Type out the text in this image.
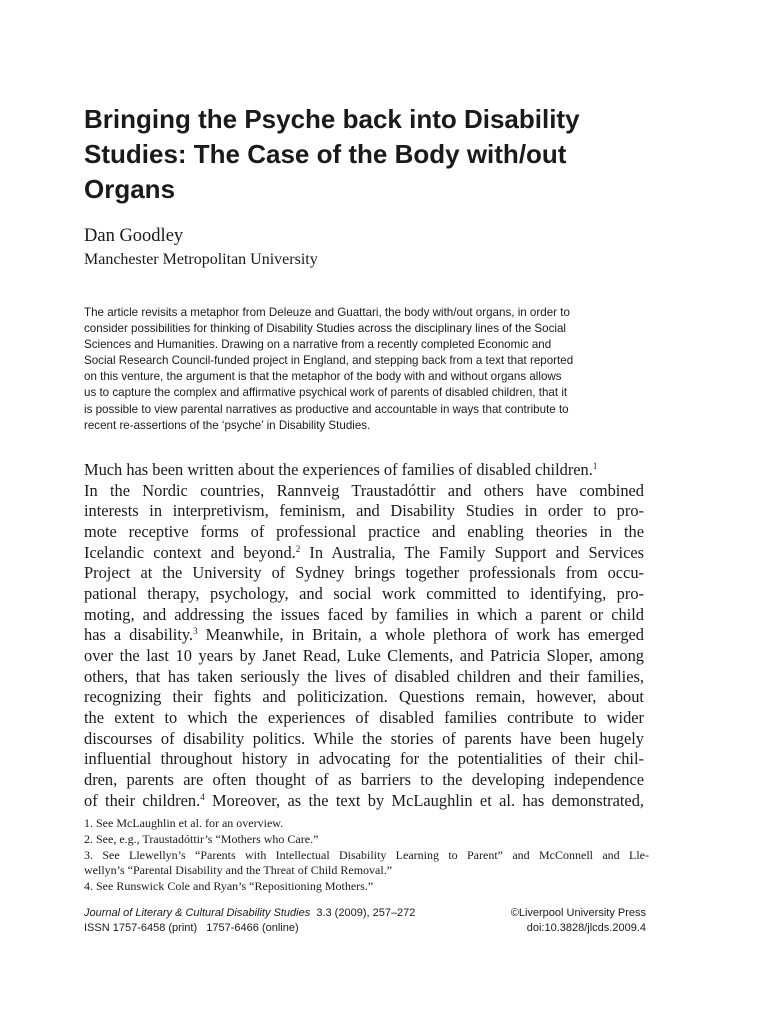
Bringing the Psyche back into Disability Studies: The Case of the Body with/out Organs
Dan Goodley
Manchester Metropolitan University
The article revisits a metaphor from Deleuze and Guattari, the body with/out organs, in order to
consider possibilities for thinking of Disability Studies across the disciplinary lines of the Social
Sciences and Humanities. Drawing on a narrative from a recently completed Economic and
Social Research Council-funded project in England, and stepping back from a text that reported
on this venture, the argument is that the metaphor of the body with and without organs allows
us to capture the complex and affirmative psychical work of parents of disabled children, that it
is possible to view parental narratives as productive and accountable in ways that contribute to
recent re-assertions of the ‘psyche’ in Disability Studies.
Much has been written about the experiences of families of disabled children.$^1$
In the Nordic countries, Rannveig Traustadóttir and others have combined
interests in interpretivism, feminism, and Disability Studies in order to pro-
mote receptive forms of professional practice and enabling theories in the
Icelandic context and beyond.$^2$ In Australia, The Family Support and Services
Project at the University of Sydney brings together professionals from occu-
pational therapy, psychology, and social work committed to identifying, pro-
moting, and addressing the issues faced by families in which a parent or child
has a disability.$^3$ Meanwhile, in Britain, a whole plethora of work has emerged
over the last 10 years by Janet Read, Luke Clements, and Patricia Sloper, among
others, that has taken seriously the lives of disabled children and their families,
recognizing their fights and politicization. Questions remain, however, about
the extent to which the experiences of disabled families contribute to wider
discourses of disability politics. While the stories of parents have been hugely
influential throughout history in advocating for the potentialities of their chil-
dren, parents are often thought of as barriers to the developing independence
of their children.$^4$ Moreover, as the text by McLaughlin et al. has demonstrated,
1. See McLaughlin et al. for an overview.
2. See, e.g., Traustadóttir’s “Mothers who Care.”
3. See Llewellyn’s “Parents with Intellectual Disability Learning to Parent” and McConnell and Lle-
wellyn’s “Parental Disability and the Threat of Child Removal.”
4. See Runswick Cole and Ryan’s “Repositioning Mothers.”
Journal of Literary & Cultural Disability Studies  3.3 (2009), 257–272	©Liverpool University Press
ISSN 1757-6458 (print)   1757-6466 (online)	doi:10.3828/jlcds.2009.4
